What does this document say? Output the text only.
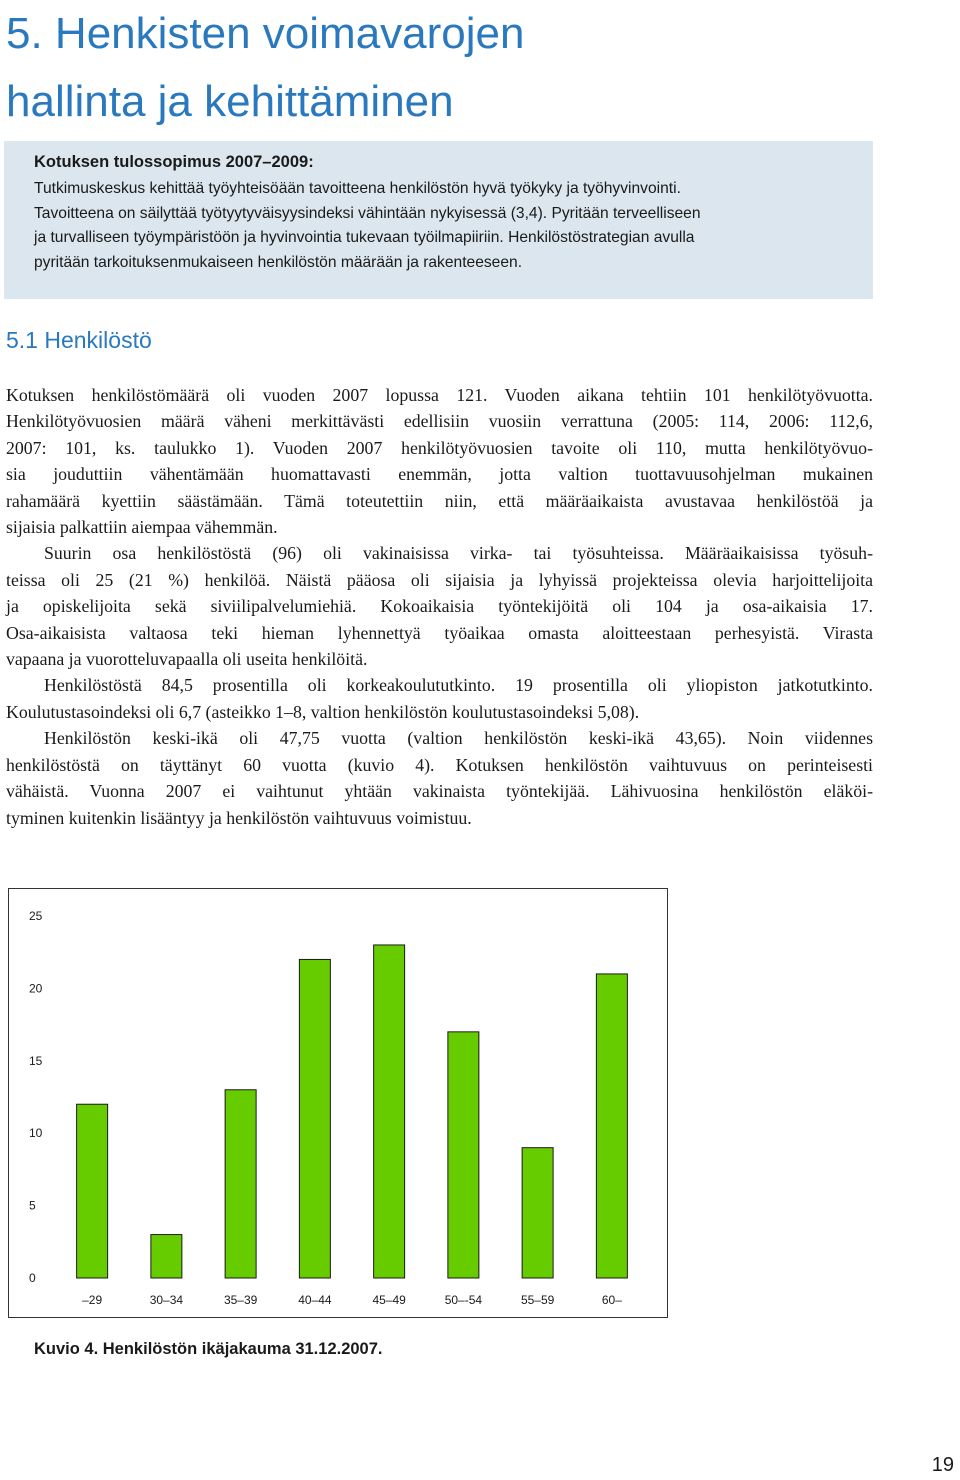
5. Henkisten voimavarojen
hallinta ja kehittäminen
Kotuksen tulossopimus 2007–2009:
Tutkimuskeskus kehittää työyhteisöään tavoitteena henkilöstön hyvä työkyky ja työhyvinvointi.
Tavoitteena on säilyttää työtyytyväisyysindeksi vähintään nykyisessä (3,4). Pyritään terveelliseen
ja turvalliseen työympäristöön ja hyvinvointia tukevaan työilmapiiriin. Henkilöstöstrategian avulla
pyritään tarkoituksenmukaiseen henkilöstön määrään ja rakenteeseen.
5.1 Henkilöstö

Kotuksen henkilöstömäärä oli vuoden 2007 lopussa 121. Vuoden aikana tehtiin 101 henkilötyövuotta.
Henkilötyövuosien määrä väheni merkittävästi edellisiin vuosiin verrattuna (2005: 114, 2006: 112,6,
2007: 101, ks. taulukko 1). Vuoden 2007 henkilötyövuosien tavoite oli 110, mutta henkilötyövuo-
sia jouduttiin vähentämään huomattavasti enemmän, jotta valtion tuottavuusohjelman mukainen
rahamäärä kyettiin säästämään. Tämä toteutettiin niin, että määräaikaista avustavaa henkilöstöä ja
sijaisia palkattiin aiempaa vähemmän.

Suurin osa henkilöstöstä (96) oli vakinaisissa virka- tai työsuhteissa. Määräaikaisissa työsuh-
teissa oli 25 (21 %) henkilöä. Näistä pääosa oli sijaisia ja lyhyissä projekteissa olevia harjoittelijoita
ja opiskelijoita sekä siviilipalvelumiehiä. Kokoaikaisia työntekijöitä oli 104 ja osa-aikaisia 17.
Osa-aikaisista valtaosa teki hieman lyhennettyä työaikaa omasta aloitteestaan perhesyistä. Virasta
vapaana ja vuorotteluvapaalla oli useita henkilöitä.

Henkilöstöstä 84,5 prosentilla oli korkeakoulututkinto. 19 prosentilla oli yliopiston jatkotutkinto.
Koulutustasoindeksi oli 6,7 (asteikko 1–8, valtion henkilöstön koulutustasoindeksi 5,08).

Henkilöstön keski-ikä oli 47,75 vuotta (valtion henkilöstön keski-ikä 43,65). Noin viidennes
henkilöstöstä on täyttänyt 60 vuotta (kuvio 4). Kotuksen henkilöstön vaihtuvuus on perinteisesti
vähäistä. Vuonna 2007 ei vaihtunut yhtään vakinaista työntekijää. Lähivuosina henkilöstön eläköi-
tyminen kuitenkin lisääntyy ja henkilöstön vaihtuvuus voimistuu.

0
5
10
15
20
25
–29	30–34	35–39	40–44	45–49	50–-54	55–59	60–
Kuvio 4. Henkilöstön ikäjakauma 31.12.2007.
19
